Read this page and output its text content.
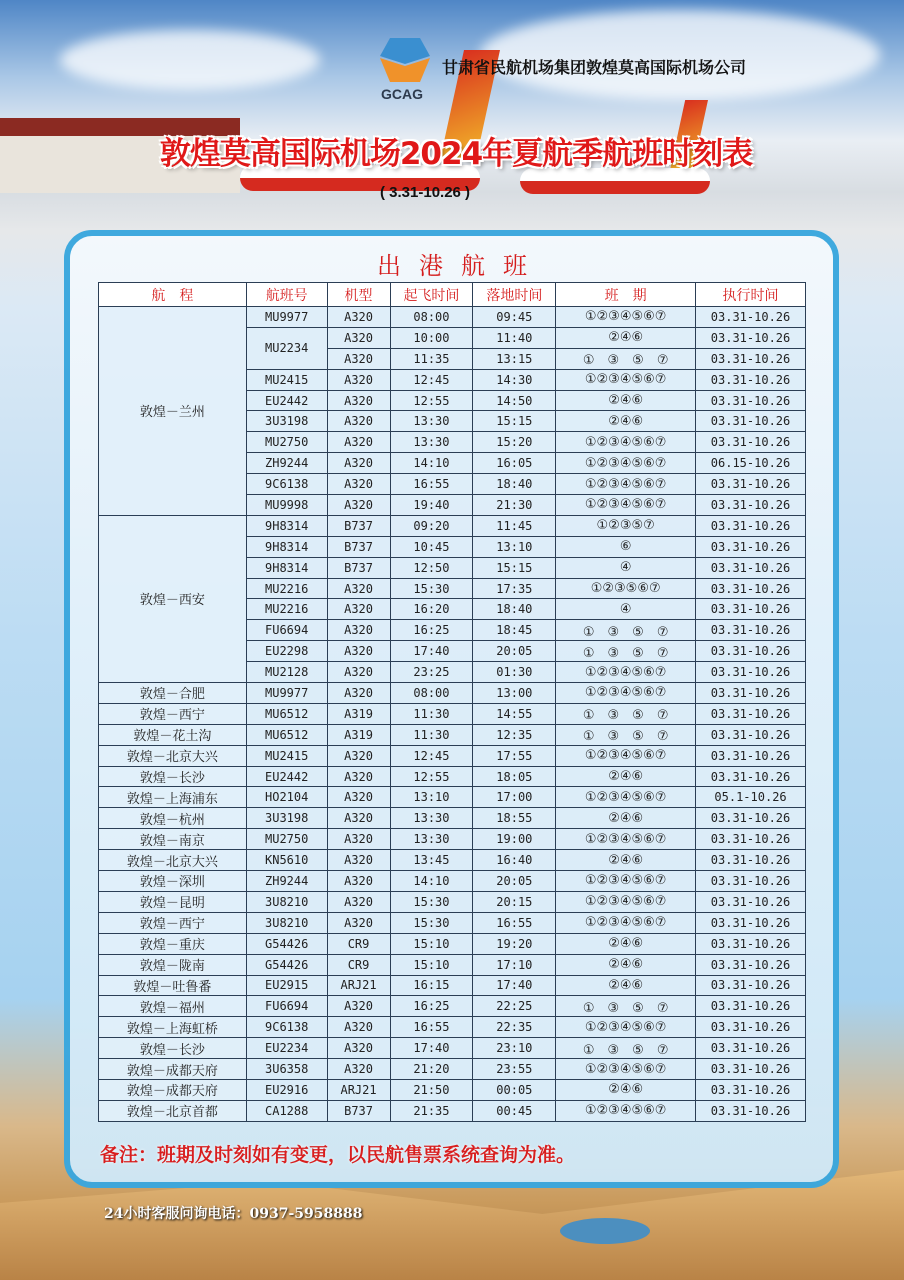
GCAG
甘肃省民航机场集团敦煌莫高国际机场公司
敦煌莫高国际机场2024年夏航季航班时刻表
( 3.31-10.26 )
出港航班
航　程	航班号	机型	起飞时间	落地时间	班　期	执行时间
敦煌－兰州	MU9977	A320	08:00	09:45	①②③④⑤⑥⑦	03.31-10.26
	MU2234	A320	10:00	11:40	②④⑥	03.31-10.26
		A320	11:35	13:15	①　③　⑤　⑦	03.31-10.26
	MU2415	A320	12:45	14:30	①②③④⑤⑥⑦	03.31-10.26
	EU2442	A320	12:55	14:50	②④⑥	03.31-10.26
	3U3198	A320	13:30	15:15	②④⑥	03.31-10.26
	MU2750	A320	13:30	15:20	①②③④⑤⑥⑦	03.31-10.26
	ZH9244	A320	14:10	16:05	①②③④⑤⑥⑦	06.15-10.26
	9C6138	A320	16:55	18:40	①②③④⑤⑥⑦	03.31-10.26
	MU9998	A320	19:40	21:30	①②③④⑤⑥⑦	03.31-10.26
敦煌－西安	9H8314	B737	09:20	11:45	①②③⑤⑦	03.31-10.26
	9H8314	B737	10:45	13:10	⑥	03.31-10.26
	9H8314	B737	12:50	15:15	④	03.31-10.26
	MU2216	A320	15:30	17:35	①②③⑤⑥⑦	03.31-10.26
	MU2216	A320	16:20	18:40	④	03.31-10.26
	FU6694	A320	16:25	18:45	①　③　⑤　⑦	03.31-10.26
	EU2298	A320	17:40	20:05	①　③　⑤　⑦	03.31-10.26
	MU2128	A320	23:25	01:30	①②③④⑤⑥⑦	03.31-10.26
敦煌－合肥	MU9977	A320	08:00	13:00	①②③④⑤⑥⑦	03.31-10.26
敦煌－西宁	MU6512	A319	11:30	14:55	①　③　⑤　⑦	03.31-10.26
敦煌－花土沟	MU6512	A319	11:30	12:35	①　③　⑤　⑦	03.31-10.26
敦煌－北京大兴	MU2415	A320	12:45	17:55	①②③④⑤⑥⑦	03.31-10.26
敦煌－长沙	EU2442	A320	12:55	18:05	②④⑥	03.31-10.26
敦煌－上海浦东	HO2104	A320	13:10	17:00	①②③④⑤⑥⑦	05.1-10.26
敦煌－杭州	3U3198	A320	13:30	18:55	②④⑥	03.31-10.26
敦煌－南京	MU2750	A320	13:30	19:00	①②③④⑤⑥⑦	03.31-10.26
敦煌－北京大兴	KN5610	A320	13:45	16:40	②④⑥	03.31-10.26
敦煌－深圳	ZH9244	A320	14:10	20:05	①②③④⑤⑥⑦	03.31-10.26
敦煌－昆明	3U8210	A320	15:30	20:15	①②③④⑤⑥⑦	03.31-10.26
敦煌－西宁	3U8210	A320	15:30	16:55	①②③④⑤⑥⑦	03.31-10.26
敦煌－重庆	G54426	CR9	15:10	19:20	②④⑥	03.31-10.26
敦煌－陇南	G54426	CR9	15:10	17:10	②④⑥	03.31-10.26
敦煌－吐鲁番	EU2915	ARJ21	16:15	17:40	②④⑥	03.31-10.26
敦煌－福州	FU6694	A320	16:25	22:25	①　③　⑤　⑦	03.31-10.26
敦煌－上海虹桥	9C6138	A320	16:55	22:35	①②③④⑤⑥⑦	03.31-10.26
敦煌－长沙	EU2234	A320	17:40	23:10	①　③　⑤　⑦	03.31-10.26
敦煌－成都天府	3U6358	A320	21:20	23:55	①②③④⑤⑥⑦	03.31-10.26
敦煌－成都天府	EU2916	ARJ21	21:50	00:05	②④⑥	03.31-10.26
敦煌－北京首都	CA1288	B737	21:35	00:45	①②③④⑤⑥⑦	03.31-10.26
备注：班期及时刻如有变更，以民航售票系统查询为准。
24小时客服问询电话：0937-5958888
